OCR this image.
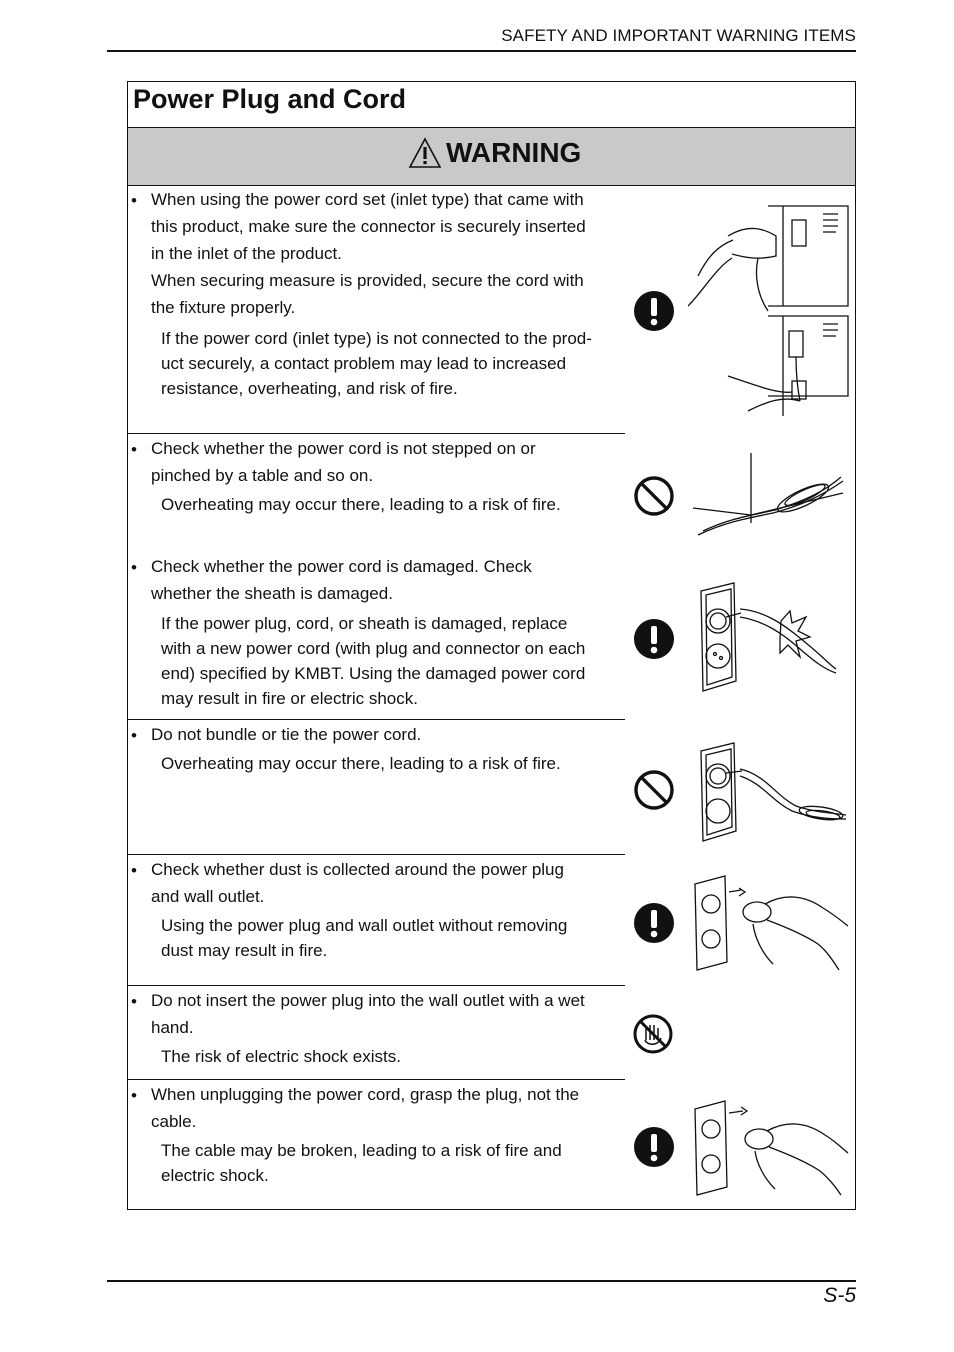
SAFETY AND IMPORTANT WARNING ITEMS
Power Plug and Cord
WARNING
• When using the power cord set (inlet type) that came with
this product, make sure the connector is securely inserted
in the inlet of the product.
When securing measure is provided, secure the cord with
the fixture properly.
If the power cord (inlet type) is not connected to the prod-
uct securely, a contact problem may lead to increased
resistance, overheating, and risk of fire.
• Check whether the power cord is not stepped on or
pinched by a table and so on.
Overheating may occur there, leading to a risk of fire.
• Check whether the power cord is damaged. Check
whether the sheath is damaged.
If the power plug, cord, or sheath is damaged, replace
with a new power cord (with plug and connector on each
end) specified by KMBT. Using the damaged power cord
may result in fire or electric shock.
• Do not bundle or tie the power cord.
Overheating may occur there, leading to a risk of fire.
• Check whether dust is collected around the power plug
and wall outlet.
Using the power plug and wall outlet without removing
dust may result in fire.
• Do not insert the power plug into the wall outlet with a wet
hand.
The risk of electric shock exists.
• When unplugging the power cord, grasp the plug, not the
cable.
The cable may be broken, leading to a risk of fire and
electric shock.
S-5
